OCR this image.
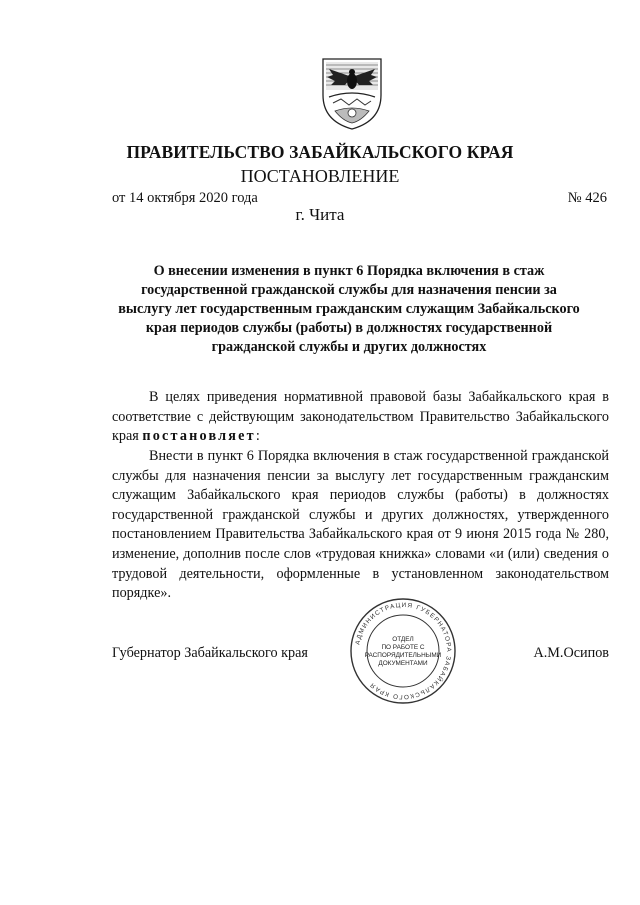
ПРАВИТЕЛЬСТВО ЗАБАЙКАЛЬСКОГО КРАЯ
ПОСТАНОВЛЕНИЕ
от 14 октября 2020 года	№ 426
г. Чита
О внесении изменения в пункт 6 Порядка включения в стаж
государственной гражданской службы для назначения пенсии за
выслугу лет государственным гражданским служащим Забайкальского
края периодов службы (работы) в должностях государственной
гражданской службы и других должностях

В целях приведения нормативной правовой базы Забайкальского края в соответствие с действующим законодательством Правительство Забайкальского края постановляет:

Внести в пункт 6 Порядка включения в стаж государственной гражданской службы для назначения пенсии за выслугу лет государственным гражданским служащим Забайкальского края периодов службы (работы) в должностях государственной гражданской службы и других должностях, утвержденного постановлением Правительства Забайкальского края от 9 июня 2015 года № 280, изменение, дополнив после слов «трудовая книжка» словами «и (или) сведения о трудовой деятельности, оформленные в установленном законодательством порядке».

Губернатор Забайкальского края	А.М.Осипов
АДМИНИСТРАЦИЯ ГУБЕРНАТОРА ЗАБАЙКАЛЬСКОГО КРАЯ
ОТДЕЛ
ПО РАБОТЕ С
РАСПОРЯДИТЕЛЬНЫМИ
ДОКУМЕНТАМИ
